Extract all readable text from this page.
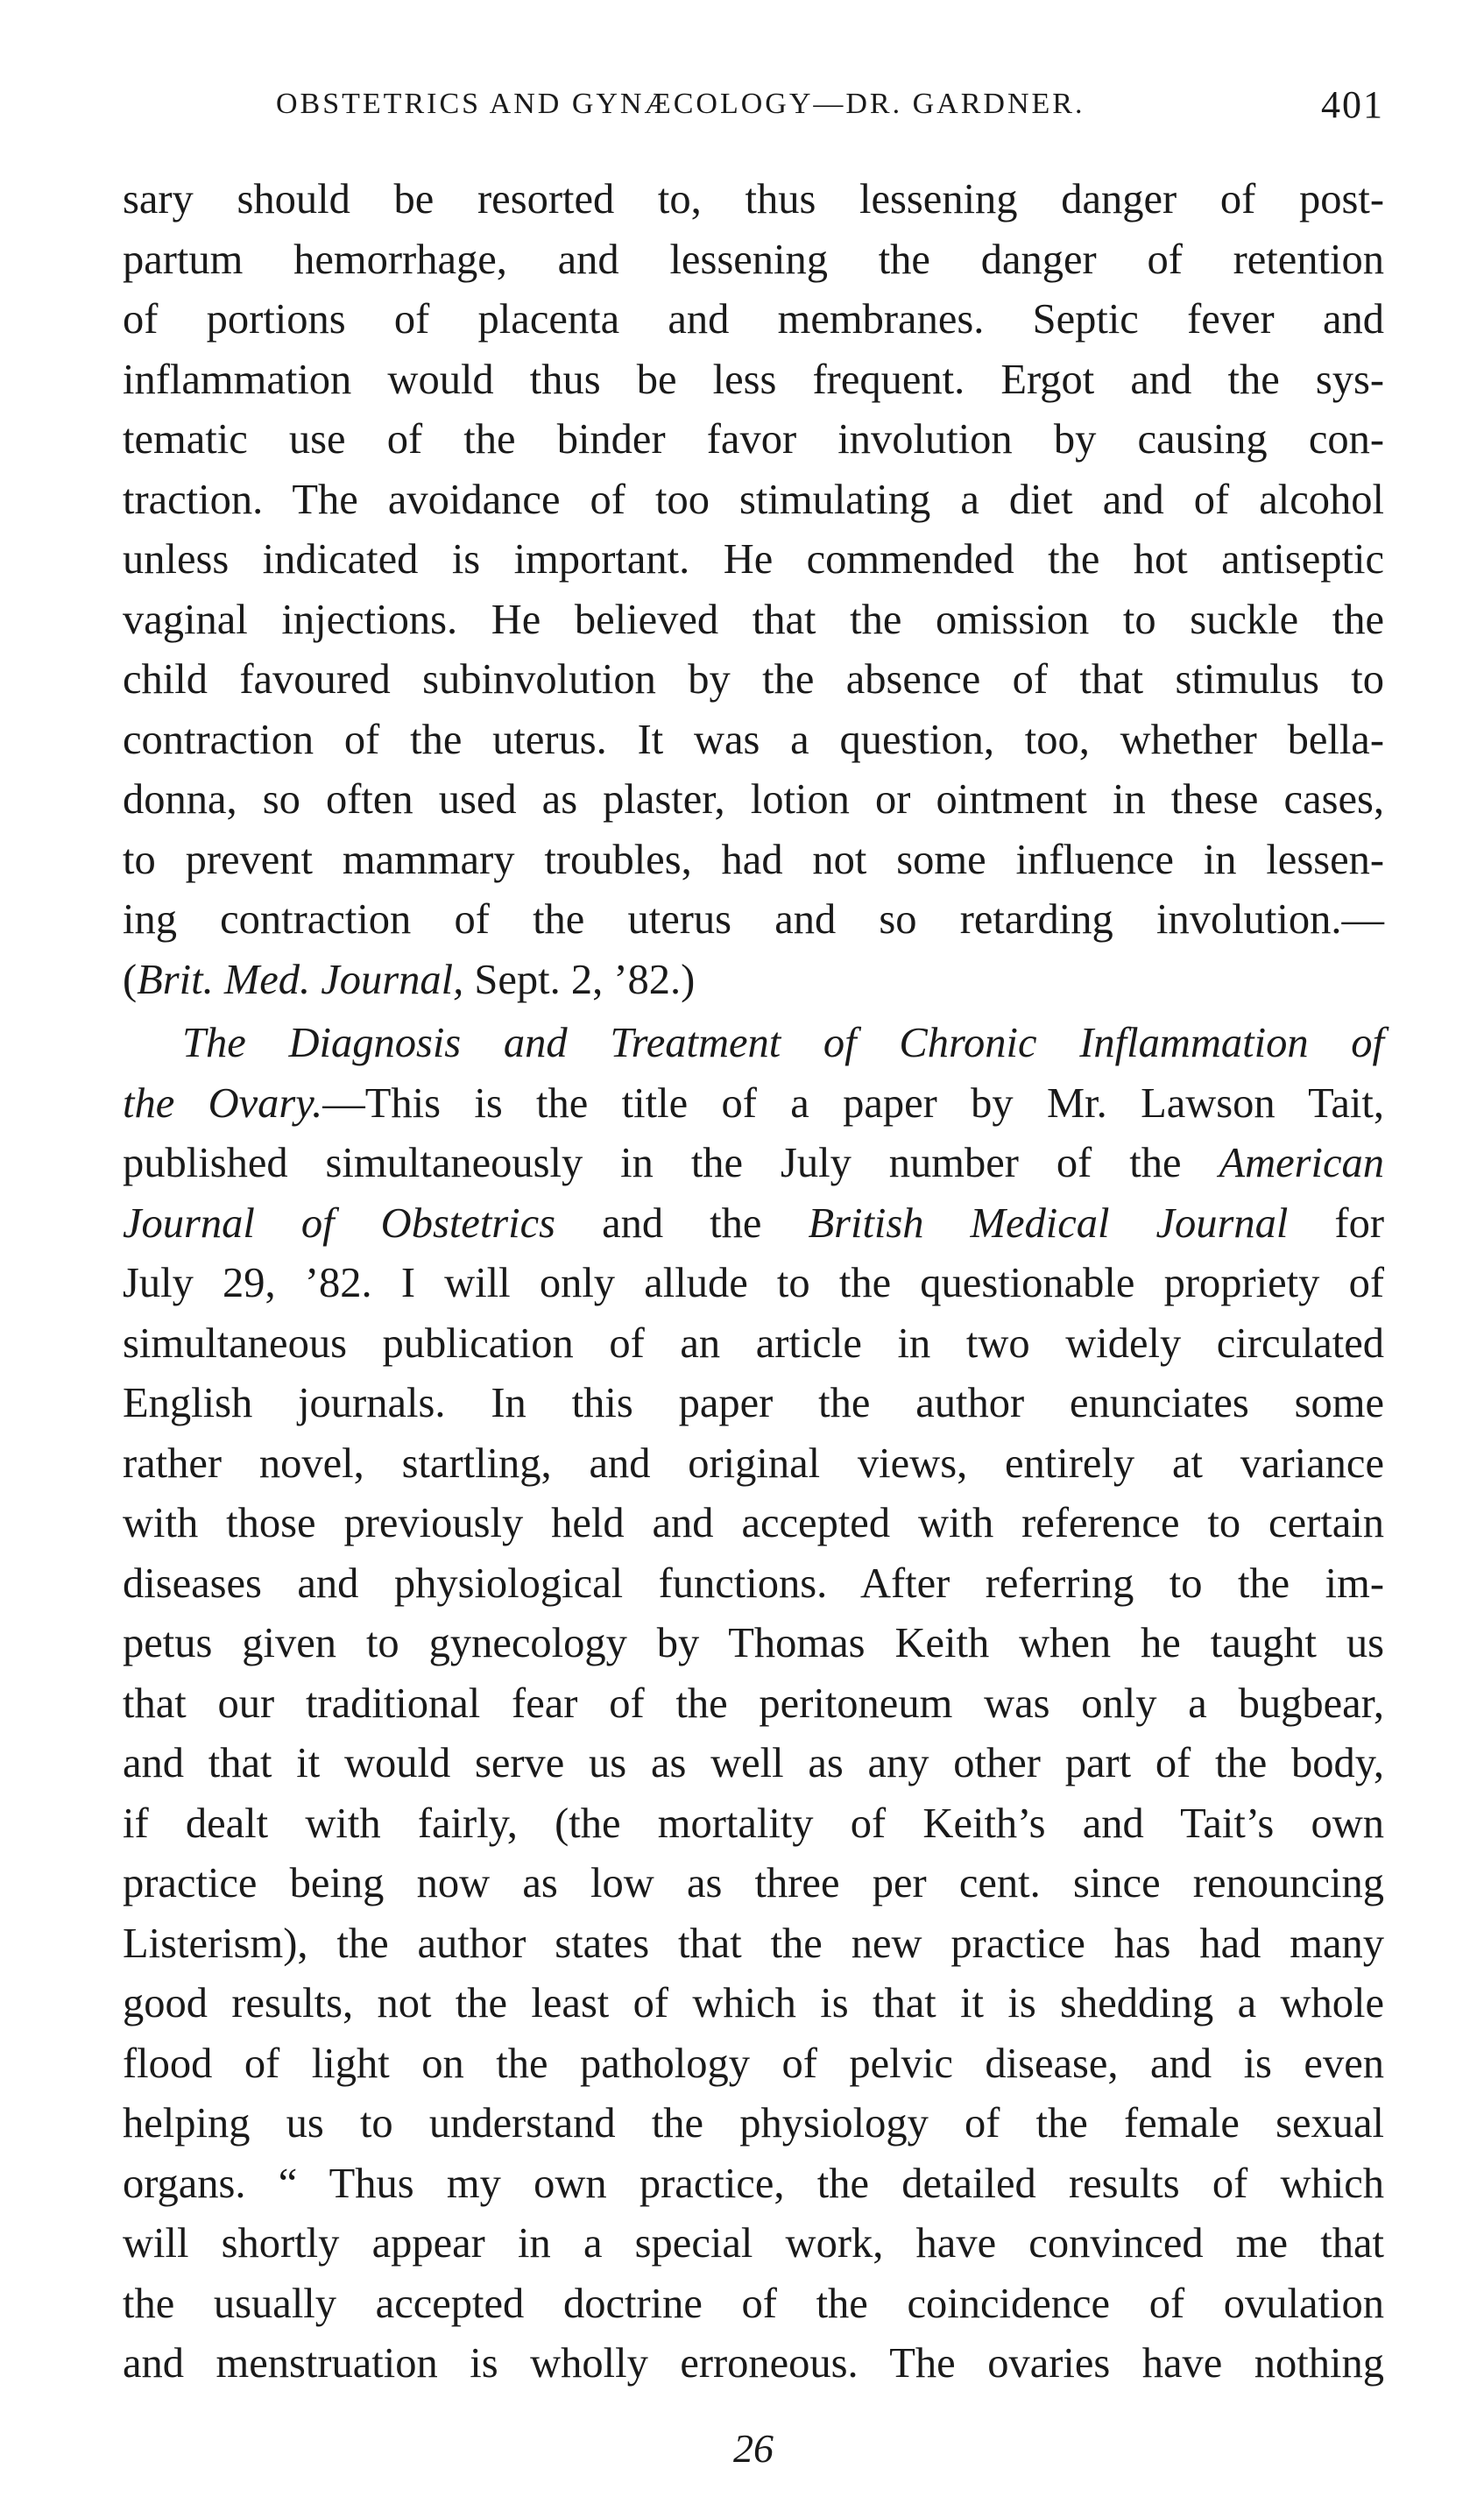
OBSTETRICS AND GYNÆCOLOGY—DR. GARDNER.	401

sary should be resorted to, thus lessening danger of post-
partum hemorrhage, and lessening the danger of retention
of portions of placenta and membranes. Septic fever and
inflammation would thus be less frequent. Ergot and the sys-
tematic use of the binder favor involution by causing con-
traction. The avoidance of too stimulating a diet and of alcohol
unless indicated is important. He commended the hot antiseptic
vaginal injections. He believed that the omission to suckle the
child favoured subinvolution by the absence of that stimulus to
contraction of the uterus. It was a question, too, whether bella-
donna, so often used as plaster, lotion or ointment in these cases,
to prevent mammary troubles, had not some influence in lessen-
ing contraction of the uterus and so retarding involution.—
(Brit. Med. Journal, Sept. 2, ’82.)

The Diagnosis and Treatment of Chronic Inflammation of
the Ovary.—This is the title of a paper by Mr. Lawson Tait,
published simultaneously in the July number of the American
Journal of Obstetrics and the British Medical Journal for
July 29, ’82. I will only allude to the questionable propriety of
simultaneous publication of an article in two widely circulated
English journals. In this paper the author enunciates some
rather novel, startling, and original views, entirely at variance
with those previously held and accepted with reference to certain
diseases and physiological functions. After referring to the im-
petus given to gynecology by Thomas Keith when he taught us
that our traditional fear of the peritoneum was only a bugbear,
and that it would serve us as well as any other part of the body,
if dealt with fairly, (the mortality of Keith’s and Tait’s own
practice being now as low as three per cent. since renouncing
Listerism), the author states that the new practice has had many
good results, not the least of which is that it is shedding a whole
flood of light on the pathology of pelvic disease, and is even
helping us to understand the physiology of the female sexual
organs. “ Thus my own practice, the detailed results of which
will shortly appear in a special work, have convinced me that
the usually accepted doctrine of the coincidence of ovulation
and menstruation is wholly erroneous. The ovaries have nothing

26
